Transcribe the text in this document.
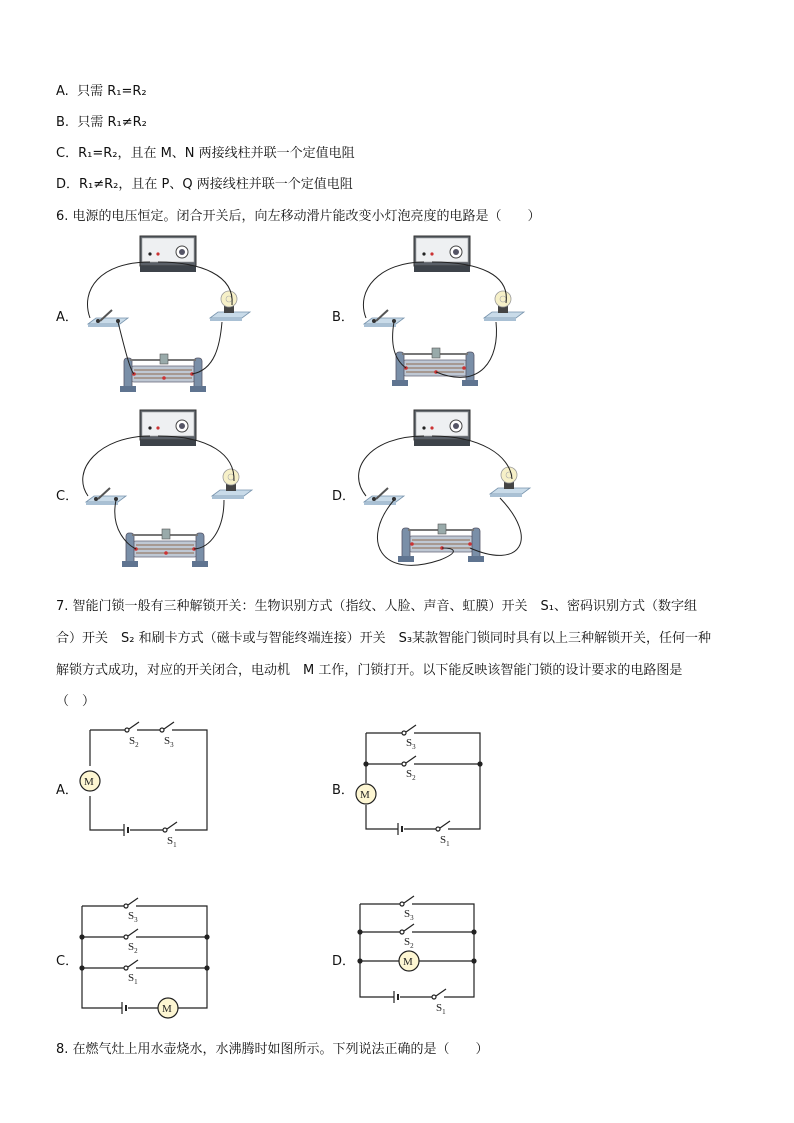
A. 只需 R₁=R₂
B. 只需 R₁≠R₂
C．R₁=R₂，且在 M、N 两接线柱并联一个定值电阻
D．R₁≠R₂，且在 P、Q 两接线柱并联一个定值电阻
6. 电源的电压恒定。闭合开关后，向左移动滑片能改变小灯泡亮度的电路是（　　）
A．	B．
C．	D．
7. 智能门锁一般有三种解锁开关：生物识别方式（指纹、人脸、声音、虹膜）开关　S₁、密码识别方式（数字组
合）开关　S₂ 和刷卡方式（磁卡或与智能终端连接）开关　S₃某款智能门锁同时具有以上三种解锁开关，任何一种
解锁方式成功，对应的开关闭合，电动机　M 工作，门锁打开。以下能反映该智能门锁的设计要求的电路图是
（　）
A．	B．
C．	D．
M
M
M
M
$S_2$ $S_3$
$S_1$
$S_3$
$S_2$
$S_1$
$S_3$
$S_2$
$S_1$
$S_3$
$S_2$
$S_1$
8. 在燃气灶上用水壶烧水，水沸腾时如图所示。下列说法正确的是（　　）
